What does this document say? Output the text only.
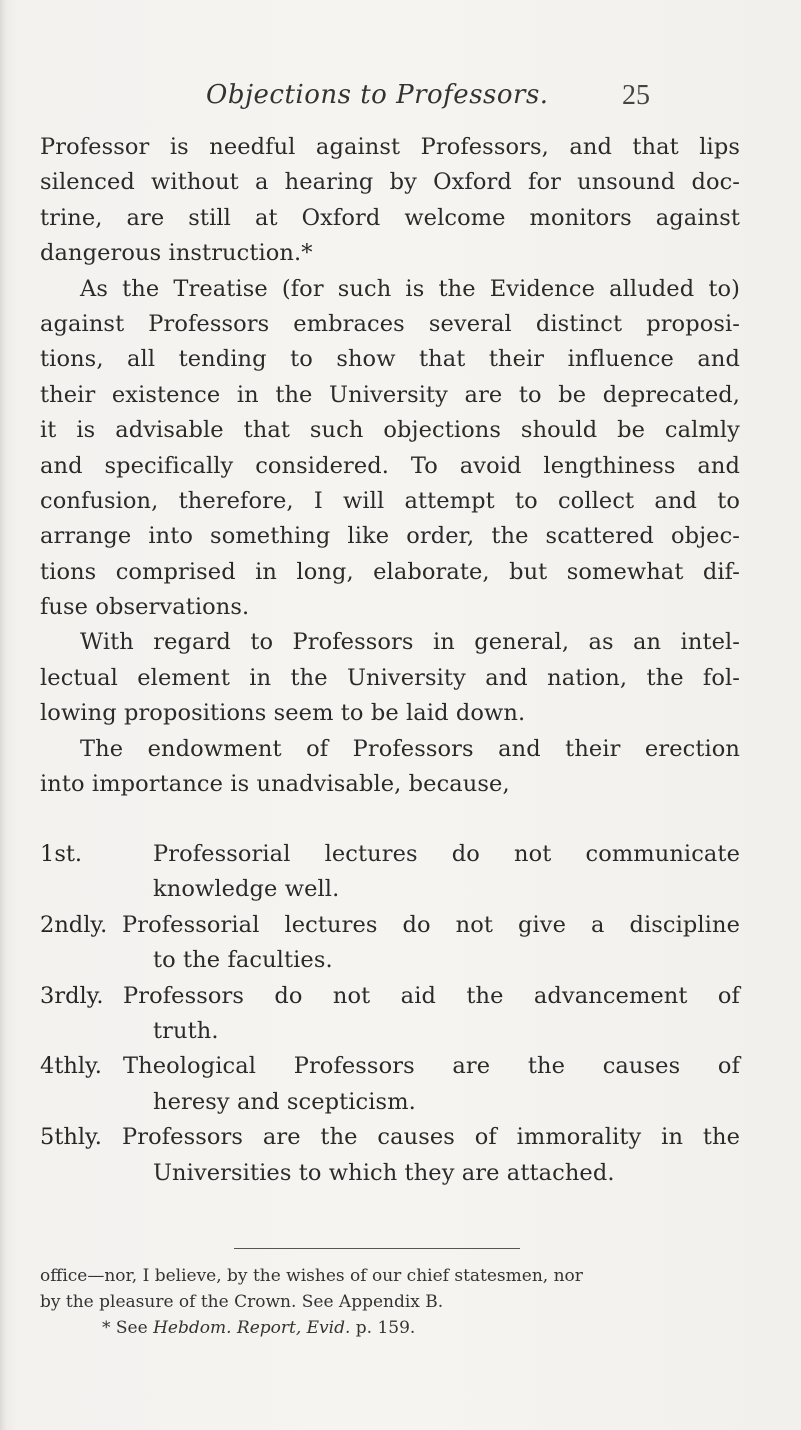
Objections to Professors.	25
Professor is needful against Professors, and that lips
silenced without a hearing by Oxford for unsound doc-
trine, are still at Oxford welcome monitors against
dangerous instruction.*
As the Treatise (for such is the Evidence alluded to)
against Professors embraces several distinct proposi-
tions, all tending to show that their influence and
their existence in the University are to be deprecated,
it is advisable that such objections should be calmly
and specifically considered. To avoid lengthiness and
confusion, therefore, I will attempt to collect and to
arrange into something like order, the scattered objec-
tions comprised in long, elaborate, but somewhat dif-
fuse observations.
With regard to Professors in general, as an intel-
lectual element in the University and nation, the fol-
lowing propositions seem to be laid down.
The endowment of Professors and their erection
into importance is unadvisable, because,
1st.	Professorial lectures do not communicate
knowledge well.
2ndly. Professorial lectures do not give a discipline
to the faculties.
3rdly. Professors do not aid the advancement of
truth.
4thly. Theological Professors are the causes of
heresy and scepticism.
5thly. Professors are the causes of immorality in the
Universities to which they are attached.
office—nor, I believe, by the wishes of our chief statesmen, nor
by the pleasure of the Crown. See Appendix B.
* See Hebdom. Report, Evid. p. 159.
